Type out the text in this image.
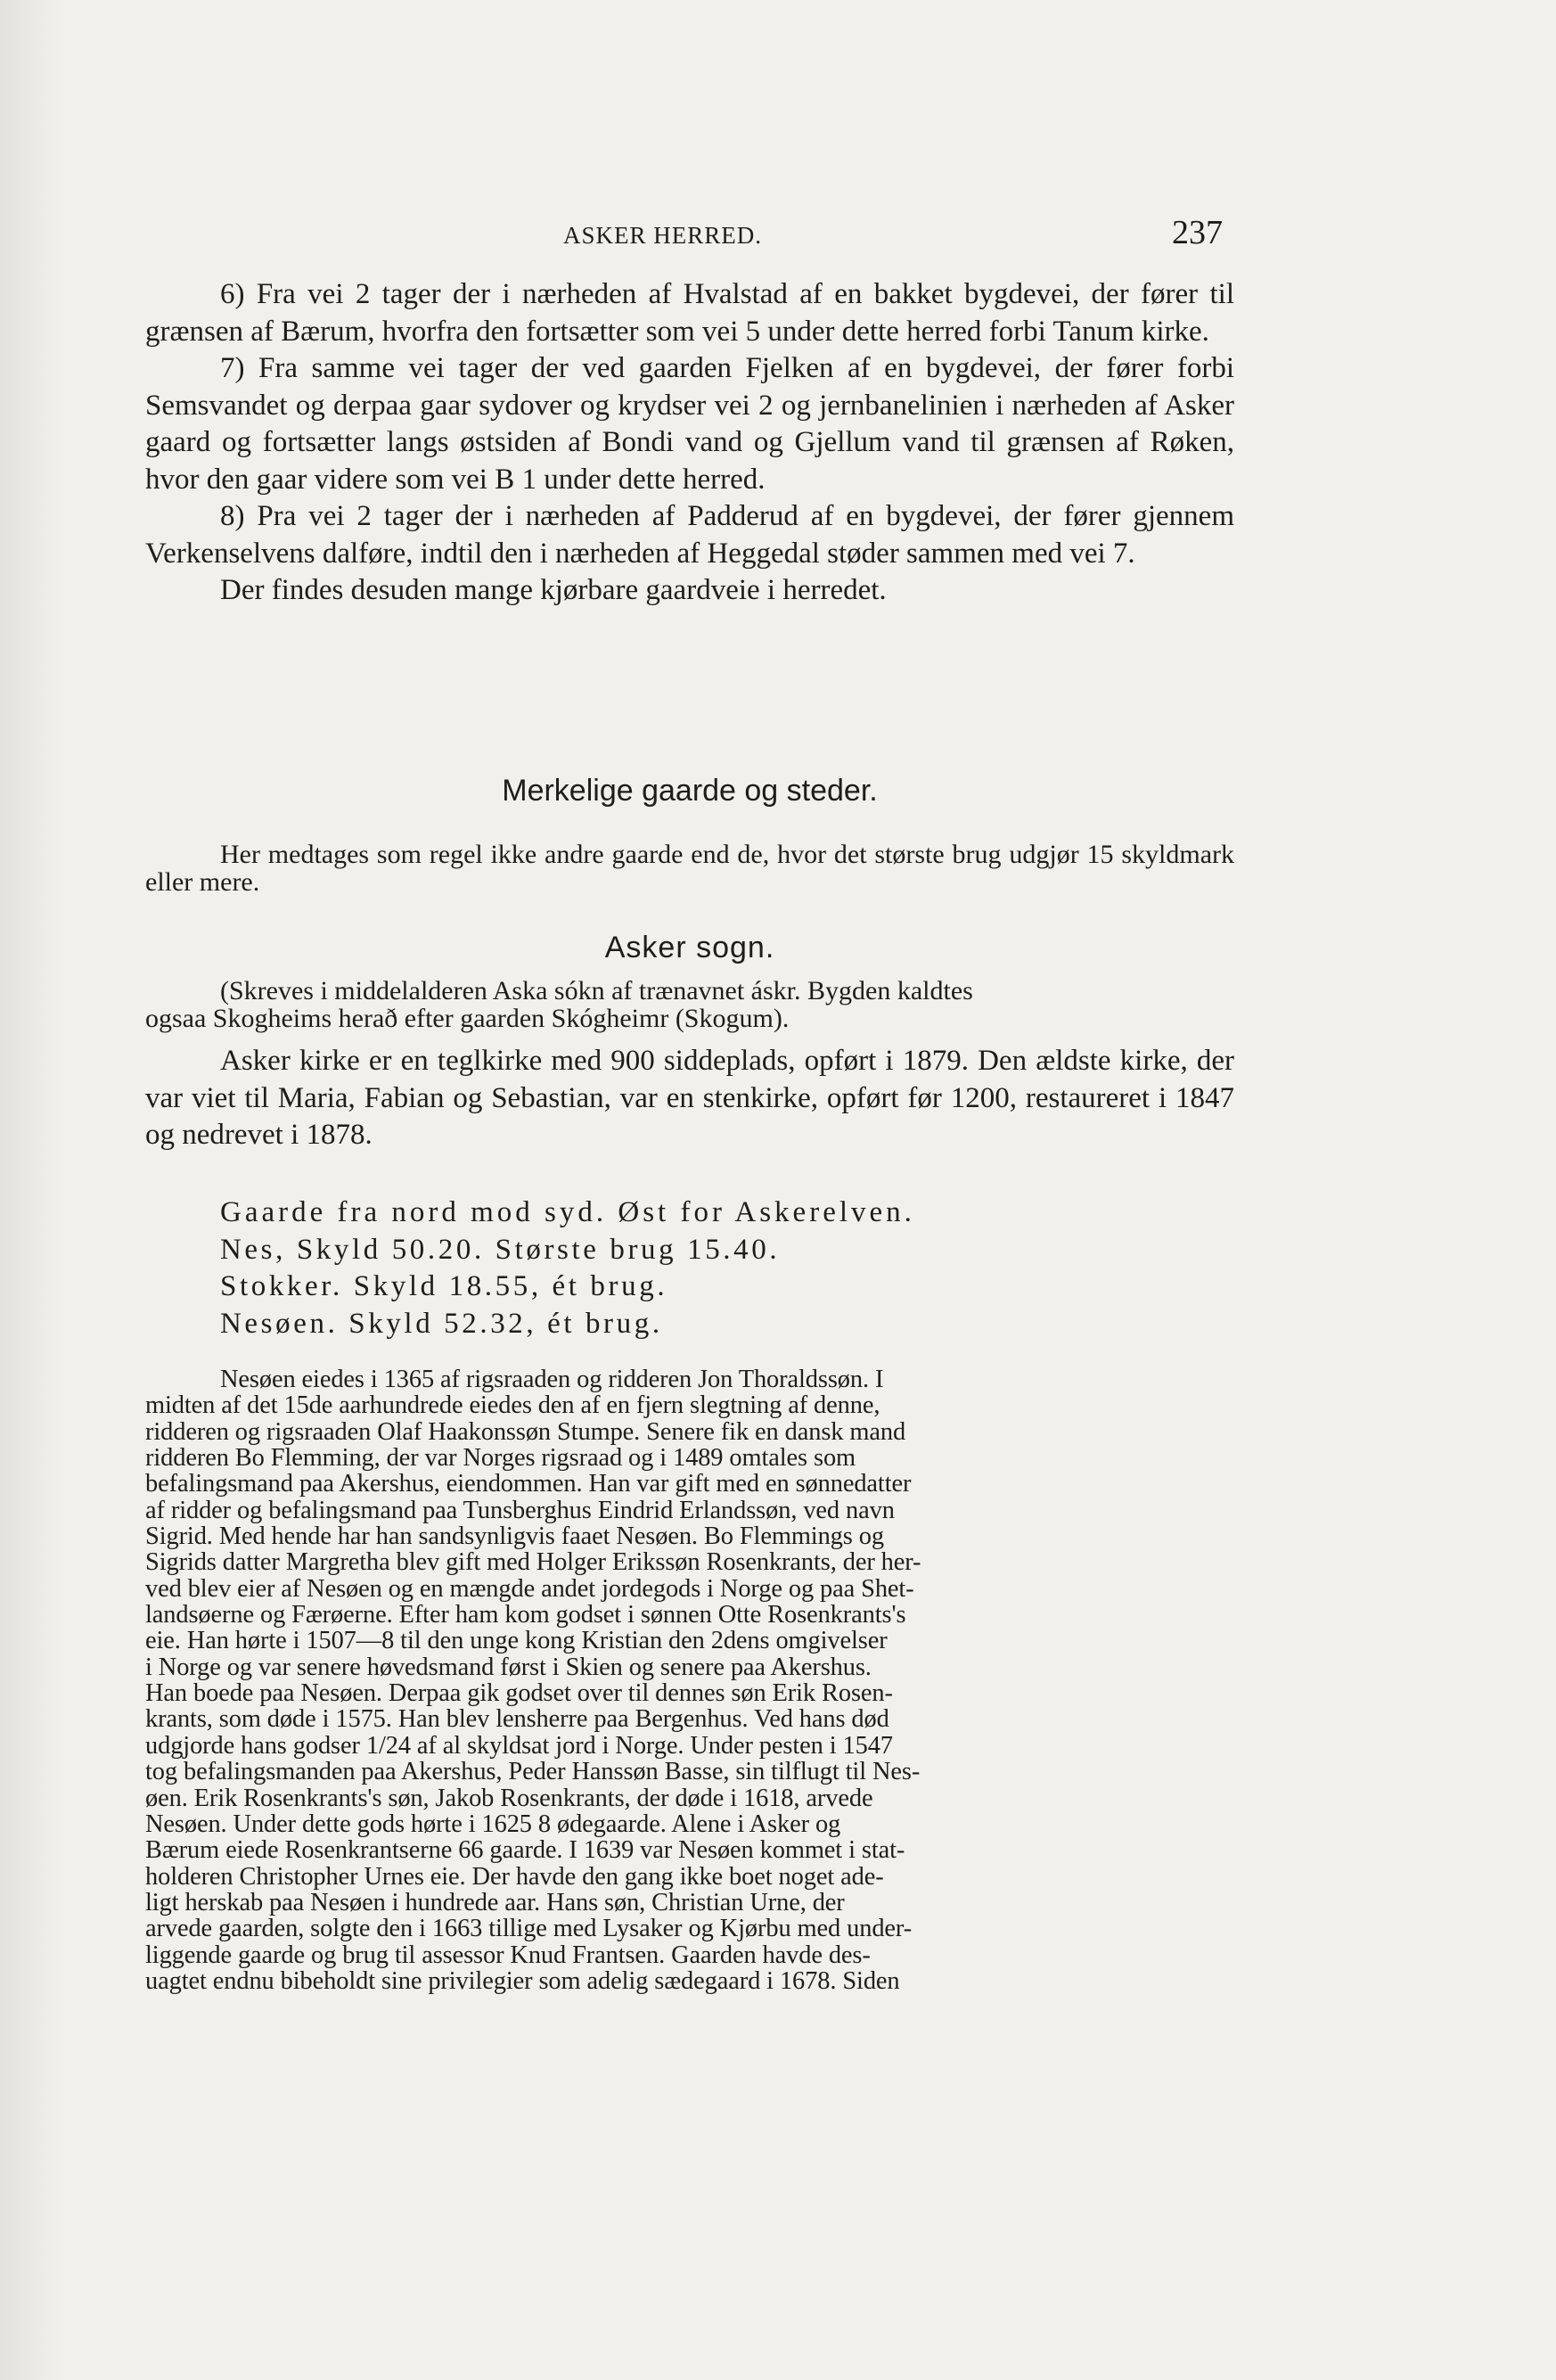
ASKER HERRED.	237

6) Fra vei 2 tager der i nærheden af Hvalstad af en bakket bygdevei, der fører til grænsen af Bærum, hvorfra den fortsætter som vei 5 under dette herred forbi Tanum kirke.

7) Fra samme vei tager der ved gaarden Fjelken af en bygdevei, der fører forbi Semsvandet og derpaa gaar sydover og krydser vei 2 og jernbanelinien i nærheden af Asker gaard og fortsætter langs østsiden af Bondi vand og Gjellum vand til grænsen af Røken, hvor den gaar videre som vei B 1 under dette herred.

8) Pra vei 2 tager der i nærheden af Padderud af en bygdevei, der fører gjennem Verkenselvens dalføre, indtil den i nærheden af Heggedal støder sammen med vei 7.

Der findes desuden mange kjørbare gaardveie i herredet.

Merkelige gaarde og steder.

Her medtages som regel ikke andre gaarde end de, hvor det største brug udgjør 15 skyldmark eller mere.

Asker sogn.

(Skreves i middelalderen Aska sókn af trænavnet áskr. Bygden kaldtes
ogsaa Skogheims herað efter gaarden Skógheimr (Skogum).

Asker kirke er en teglkirke med 900 siddeplads, opført i 1879. Den ældste kirke, der var viet til Maria, Fabian og Sebastian, var en stenkirke, opført før 1200, restaureret i 1847 og nedrevet i 1878.

Gaarde fra nord mod syd. Øst for Askerelven.

Nes, Skyld 50.20. Største brug 15.40.

Stokker. Skyld 18.55, ét brug.

Nesøen. Skyld 52.32, ét brug.

Nesøen eiedes i 1365 af rigsraaden og ridderen Jon Thoraldssøn. I
midten af det 15de aarhundrede eiedes den af en fjern slegtning af denne,
ridderen og rigsraaden Olaf Haakonssøn Stumpe. Senere fik en dansk mand
ridderen Bo Flemming, der var Norges rigsraad og i 1489 omtales som
befalingsmand paa Akershus, eiendommen. Han var gift med en sønnedatter
af ridder og befalingsmand paa Tunsberghus Eindrid Erlandssøn, ved navn
Sigrid. Med hende har han sandsynligvis faaet Nesøen. Bo Flemmings og
Sigrids datter Margretha blev gift med Holger Erikssøn Rosenkrants, der her-
ved blev eier af Nesøen og en mængde andet jordegods i Norge og paa Shet-
landsøerne og Færøerne. Efter ham kom godset i sønnen Otte Rosenkrants's
eie. Han hørte i 1507—8 til den unge kong Kristian den 2dens omgivelser
i Norge og var senere høvedsmand først i Skien og senere paa Akershus.
Han boede paa Nesøen. Derpaa gik godset over til dennes søn Erik Rosen-
krants, som døde i 1575. Han blev lensherre paa Bergenhus. Ved hans død
udgjorde hans godser 1/24 af al skyldsat jord i Norge. Under pesten i 1547
tog befalingsmanden paa Akershus, Peder Hanssøn Basse, sin tilflugt til Nes-
øen. Erik Rosenkrants's søn, Jakob Rosenkrants, der døde i 1618, arvede
Nesøen. Under dette gods hørte i 1625 8 ødegaarde. Alene i Asker og
Bærum eiede Rosenkrantserne 66 gaarde. I 1639 var Nesøen kommet i stat-
holderen Christopher Urnes eie. Der havde den gang ikke boet noget ade-
ligt herskab paa Nesøen i hundrede aar. Hans søn, Christian Urne, der
arvede gaarden, solgte den i 1663 tillige med Lysaker og Kjørbu med under-
liggende gaarde og brug til assessor Knud Frantsen. Gaarden havde des-
uagtet endnu bibeholdt sine privilegier som adelig sædegaard i 1678. Siden
